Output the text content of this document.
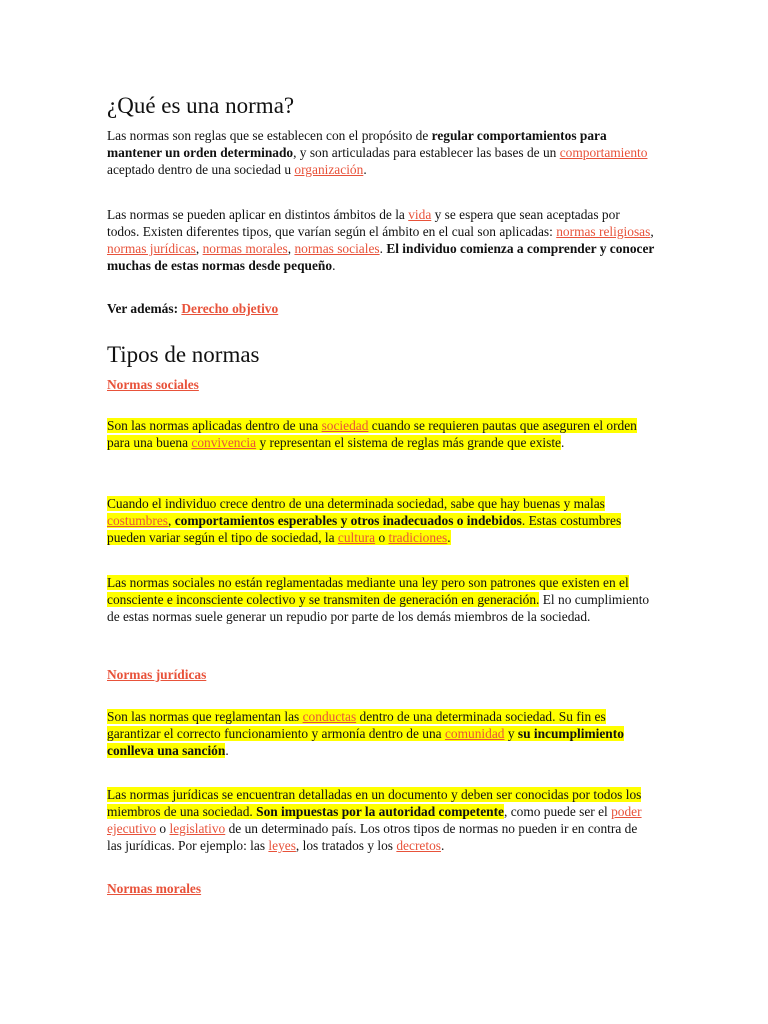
¿Qué es una norma?

Las normas son reglas que se establecen con el propósito de regular comportamientos para mantener un orden determinado, y son articuladas para establecer las bases de un comportamiento aceptado dentro de una sociedad u organización.

Las normas se pueden aplicar en distintos ámbitos de la vida y se espera que sean aceptadas por todos. Existen diferentes tipos, que varían según el ámbito en el cual son aplicadas: normas religiosas, normas jurídicas, normas morales, normas sociales. El individuo comienza a comprender y conocer muchas de estas normas desde pequeño.

Ver además: Derecho objetivo

Tipos de normas

Normas sociales

Son las normas aplicadas dentro de una sociedad cuando se requieren pautas que aseguren el orden para una buena convivencia y representan el sistema de reglas más grande que existe.

Cuando el individuo crece dentro de una determinada sociedad, sabe que hay buenas y malas costumbres, comportamientos esperables y otros inadecuados o indebidos. Estas costumbres pueden variar según el tipo de sociedad, la cultura o tradiciones.

Las normas sociales no están reglamentadas mediante una ley pero son patrones que existen en el consciente e inconsciente colectivo y se transmiten de generación en generación. El no cumplimiento de estas normas suele generar un repudio por parte de los demás miembros de la sociedad.

Normas jurídicas

Son las normas que reglamentan las conductas dentro de una determinada sociedad. Su fin es garantizar el correcto funcionamiento y armonía dentro de una comunidad y su incumplimiento conlleva una sanción.

Las normas jurídicas se encuentran detalladas en un documento y deben ser conocidas por todos los miembros de una sociedad. Son impuestas por la autoridad competente, como puede ser el poder ejecutivo o legislativo de un determinado país. Los otros tipos de normas no pueden ir en contra de las jurídicas. Por ejemplo: las leyes, los tratados y los decretos.

Normas morales
